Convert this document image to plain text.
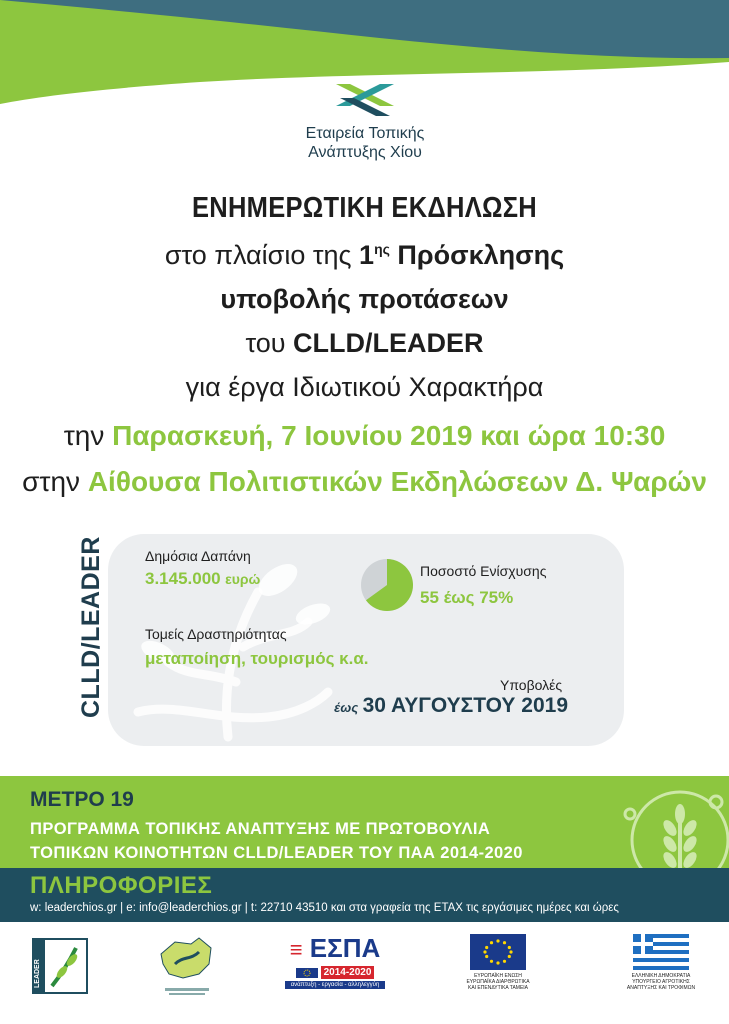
Εταιρεία Τοπικής
Ανάπτυξης Χίου
ΕΝΗΜΕΡΩΤΙΚΗ ΕΚΔΗΛΩΣΗ
στο πλαίσιο της $1^{\eta\varsigma}$ Πρόσκλησης
υποβολής προτάσεων
του CLLD/LEADER
για έργα Ιδιωτικού Χαρακτήρα
την Παρασκευή, 7 Ιουνίου 2019 και ώρα 10:30
στην Αίθουσα Πολιτιστικών Εκδηλώσεων Δ. Ψαρών
CLLD/LEADER	Δημόσια Δαπάνη
3.145.000 ευρώ	Ποσοστό Ενίσχυσης
55 έως 75%
Τομείς Δραστηριότητας
μεταποίηση, τουρισμός κ.α.
Υποβολές
έως 30 ΑΥΓΟΥΣΤΟΥ 2019
ΜΕΤΡΟ 19
ΠΡΟΓΡΑΜΜΑ ΤΟΠΙΚΗΣ ΑΝΑΠΤΥΞΗΣ ΜΕ ΠΡΩΤΟΒΟΥΛΙΑ
ΤΟΠΙΚΩΝ ΚΟΙΝΟΤΗΤΩΝ CLLD/LEADER ΤΟΥ ΠΑΑ 2014-2020
ΠΛΗΡΟΦΟΡΙΕΣ
w: leaderchios.gr | e: info@leaderchios.gr | t: 22710 43510 και στα γραφεία της ΕΤΑΧ τις εργάσιμες ημέρες και ώρες
LEADER
≡ ΕΣΠΑ
2014-2020
ανάπτυξη - εργασία - αλληλεγγύη
ΕΥΡΩΠΑΪΚΗ ΕΝΩΣΗ
ΕΥΡΩΠΑΪΚΑ ΔΙΑΡΘΡΩΤΙΚΑ
ΚΑΙ ΕΠΕΝΔΥΤΙΚΑ ΤΑΜΕΙΑ
ΕΛΛΗΝΙΚΗ ΔΗΜΟΚΡΑΤΙΑ
ΥΠΟΥΡΓΕΙΟ ΑΓΡΟΤΙΚΗΣ
ΑΝΑΠΤΥΞΗΣ ΚΑΙ ΤΡΟΦΙΜΩΝ
